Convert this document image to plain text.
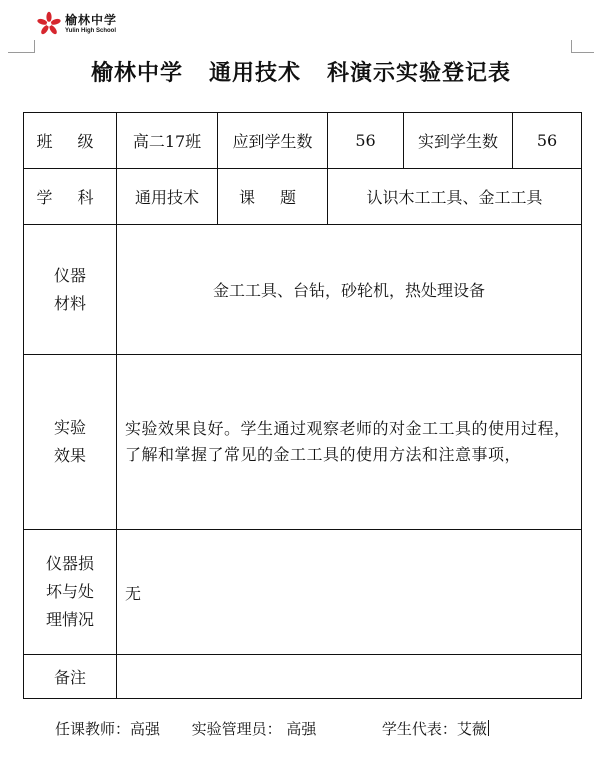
榆林中学
Yulin High School
榆林中学   通用技术   科演示实验登记表
班 级	高二17班	应到学生数	56	实到学生数	56
学 科	通用技术	课 题	认识木工工具、金工工具		

仪器
材料	金工工具、台钻，砂轮机，热处理设备				

实验
效果	实验效果良好。学生通过观察老师的对金工工具的使用过程，了解和掌握了常见的金工工具的使用方法和注意事项，				

仪器损
坏与处
理情况	无				
备注					
任课教师：高强 实验管理员： 高强	学生代表：艾薇
